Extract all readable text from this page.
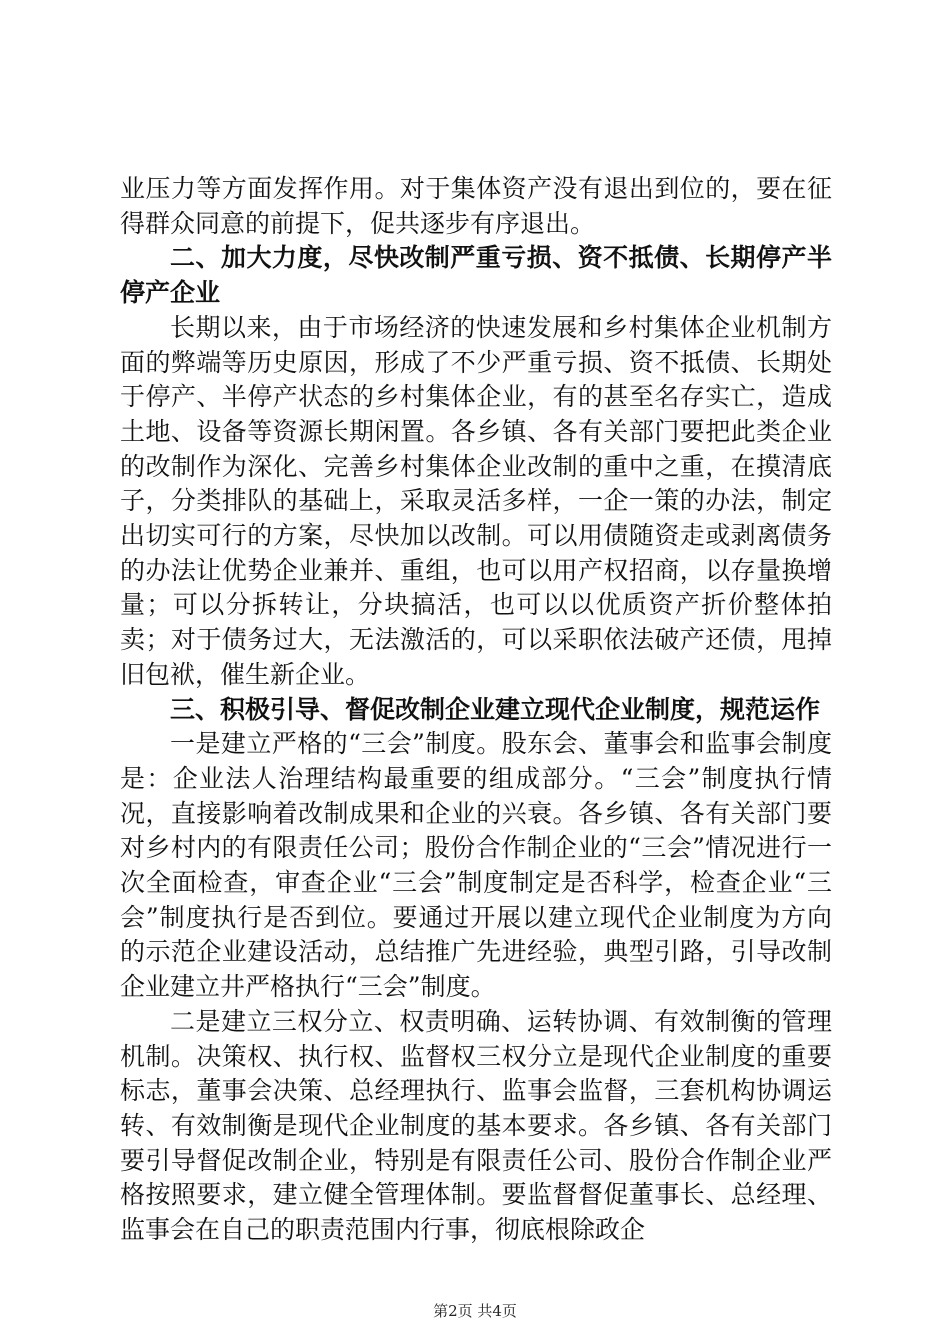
业压力等方面发挥作用。对于集体资产没有退出到位的，要在征得群众同意的前提下，促共逐步有序退出。

二、加大力度，尽快改制严重亏损、资不抵债、长期停产半停产企业

长期以来，由于市场经济的快速发展和乡村集体企业机制方面的弊端等历史原因，形成了不少严重亏损、资不抵债、长期处于停产、半停产状态的乡村集体企业，有的甚至名存实亡，造成土地、设备等资源长期闲置。各乡镇、各有关部门要把此类企业的改制作为深化、完善乡村集体企业改制的重中之重，在摸清底子，分类排队的基础上，采取灵活多样，一企一策的办法，制定出切实可行的方案，尽快加以改制。可以用债随资走或剥离债务的办法让优势企业兼并、重组，也可以用产权招商，以存量换增量；可以分拆转让，分块搞活，也可以以优质资产折价整体拍卖；对于债务过大，无法激活的，可以采职依法破产还债，甩掉旧包袱，催生新企业。

三、积极引导、督促改制企业建立现代企业制度，规范运作

一是建立严格的“三会”制度。股东会、董事会和监事会制度是：企业法人治理结构最重要的组成部分。“三会”制度执行情况，直接影响着改制成果和企业的兴衰。各乡镇、各有关部门要对乡村内的有限责任公司；股份合作制企业的“三会”情况进行一次全面检查，审查企业“三会”制度制定是否科学，检查企业“三会”制度执行是否到位。要通过开展以建立现代企业制度为方向的示范企业建设活动，总结推广先进经验，典型引路，引导改制企业建立井严格执行“三会”制度。

二是建立三权分立、权责明确、运转协调、有效制衡的管理机制。决策权、执行权、监督权三权分立是现代企业制度的重要标志，董事会决策、总经理执行、监事会监督，三套机构协调运转、有效制衡是现代企业制度的基本要求。各乡镇、各有关部门要引导督促改制企业，特别是有限责任公司、股份合作制企业严格按照要求，建立健全管理体制。要监督督促董事长、总经理、监事会在自己的职责范围内行事，彻底根除政企

第2页 共4页
